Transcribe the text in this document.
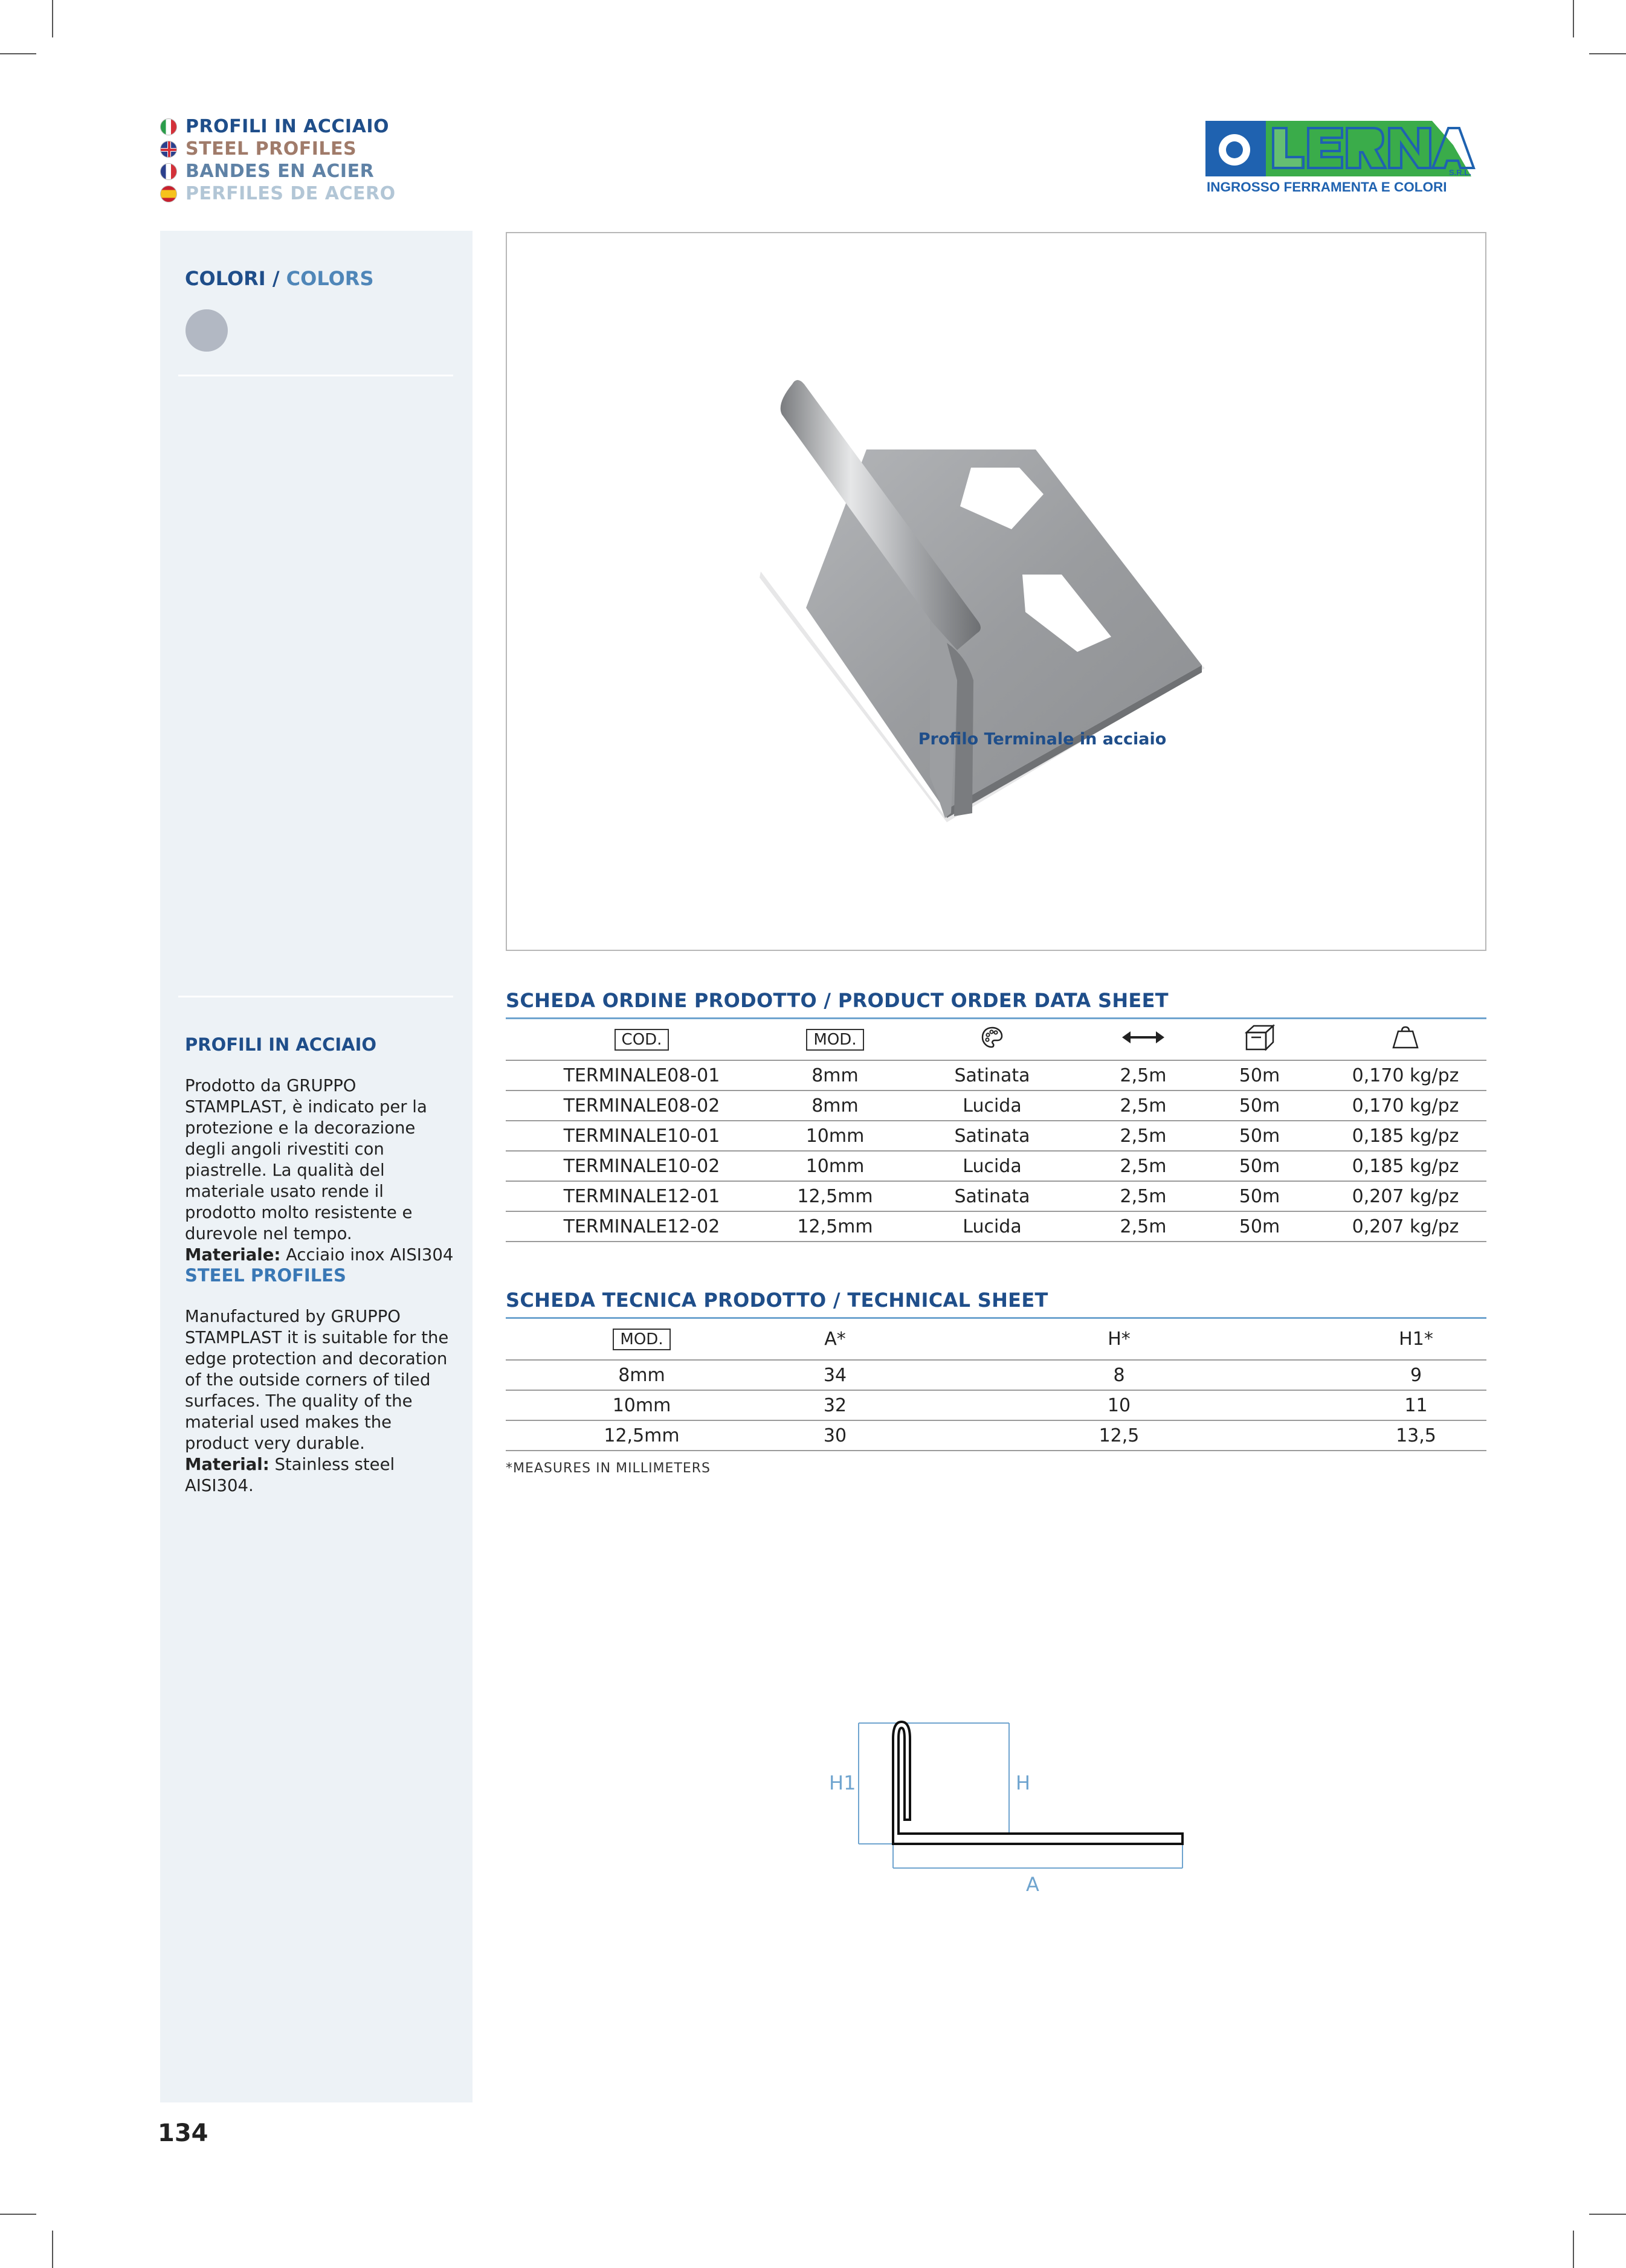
PROFILI IN ACCIAIO
STEEL PROFILES
BANDES EN ACIER
PERFILES DE ACERO
S.R.L.
INGROSSO FERRAMENTA E COLORI
COLORI / COLORS
PROFILI IN ACCIAIO
Prodotto da GRUPPO STAMPLAST, è indicato per la protezione e la decorazione degli angoli rivestiti con piastrelle. La qualità del materiale usato rende il prodotto molto resistente e durevole nel tempo.
Materiale: Acciaio inox AISI304
STEEL PROFILES
Manufactured by GRUPPO STAMPLAST it is suitable for the edge protection and decoration of the outside corners of tiled surfaces. The quality of the material used makes the product very durable.
Material: Stainless steel AISI304.
Profilo Terminale in acciaio
SCHEDA ORDINE PRODOTTO / PRODUCT ORDER DATA SHEET
COD.	MOD.				
TERMINALE08-01	8mm	Satinata	2,5m	50m	0,170 kg/pz
TERMINALE08-02	8mm	Lucida	2,5m	50m	0,170 kg/pz
TERMINALE10-01	10mm	Satinata	2,5m	50m	0,185 kg/pz
TERMINALE10-02	10mm	Lucida	2,5m	50m	0,185 kg/pz
TERMINALE12-01	12,5mm	Satinata	2,5m	50m	0,207 kg/pz
TERMINALE12-02	12,5mm	Lucida	2,5m	50m	0,207 kg/pz
SCHEDA TECNICA PRODOTTO / TECHNICAL SHEET
MOD.	A*	H*	H1*
8mm	34	8	9
10mm	32	10	11
12,5mm	30	12,5	13,5
*MEASURES IN MILLIMETERS
H1	H
A
134
